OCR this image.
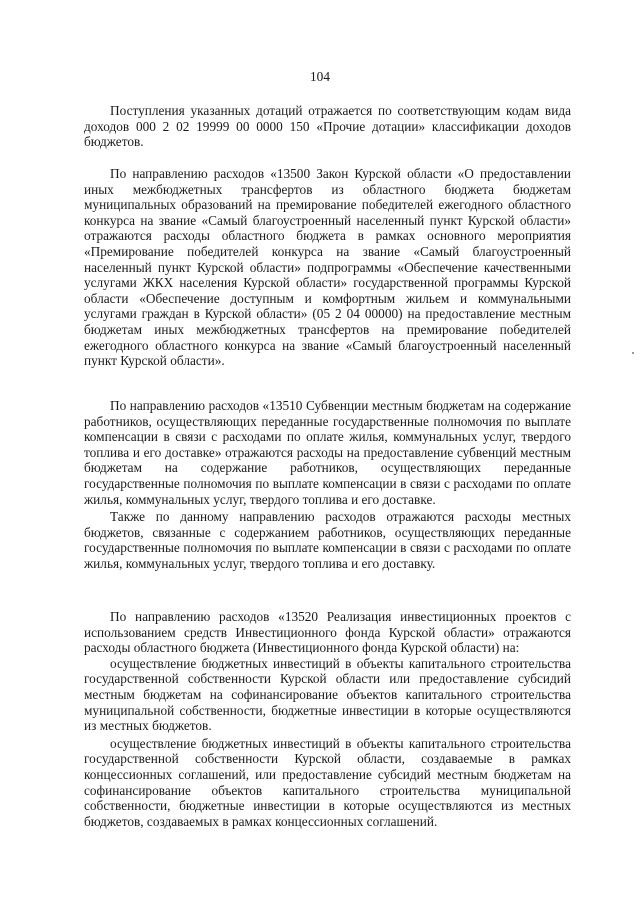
104

Поступления указанных дотаций отражается по соответствующим кодам вида доходов 000 2 02 19999 00 0000 150 «Прочие дотации» классификации доходов бюджетов.

По направлению расходов «13500 Закон Курской области «О предоставлении иных межбюджетных трансфертов из областного бюджета бюджетам муниципальных образований на премирование победителей ежегодного областного конкурса на звание «Самый благоустроенный населенный пункт Курской области» отражаются расходы областного бюджета в рамках основного мероприятия «Премирование победителей конкурса на звание «Самый благоустроенный населенный пункт Курской области» подпрограммы «Обеспечение качественными услугами ЖКХ населения Курской области» государственной программы Курской области «Обеспечение доступным и комфортным жильем и коммунальными услугами граждан в Курской области» (05 2 04 00000) на предоставление местным бюджетам иных межбюджетных трансфертов на премирование победителей ежегодного областного конкурса на звание «Самый благоустроенный населенный пункт Курской области».

По направлению расходов «13510 Субвенции местным бюджетам на содержание работников, осуществляющих переданные государственные полномочия по выплате компенсации в связи с расходами по оплате жилья, коммунальных услуг, твердого топлива и его доставке» отражаются расходы на предоставление субвенций местным бюджетам на содержание работников, осуществляющих переданные государственные полномочия по выплате компенсации в связи с расходами по оплате жилья, коммунальных услуг, твердого топлива и его доставке.

Также по данному направлению расходов отражаются расходы местных бюджетов, связанные с содержанием работников, осуществляющих переданные государственные полномочия по выплате компенсации в связи с расходами по оплате жилья, коммунальных услуг, твердого топлива и его доставку.

По направлению расходов «13520 Реализация инвестиционных проектов с использованием средств Инвестиционного фонда Курской области» отражаются расходы областного бюджета (Инвестиционного фонда Курской области) на:

осуществление бюджетных инвестиций в объекты капитального строительства государственной собственности Курской области или предоставление субсидий местным бюджетам на софинансирование объектов капитального строительства муниципальной собственности, бюджетные инвестиции в которые осуществляются из местных бюджетов.

осуществление бюджетных инвестиций в объекты капитального строительства государственной собственности Курской области, создаваемые в рамках концессионных соглашений, или предоставление субсидий местным бюджетам на софинансирование объектов капитального строительства муниципальной собственности, бюджетные инвестиции в которые осуществляются из местных бюджетов, создаваемых в рамках концессионных соглашений.
